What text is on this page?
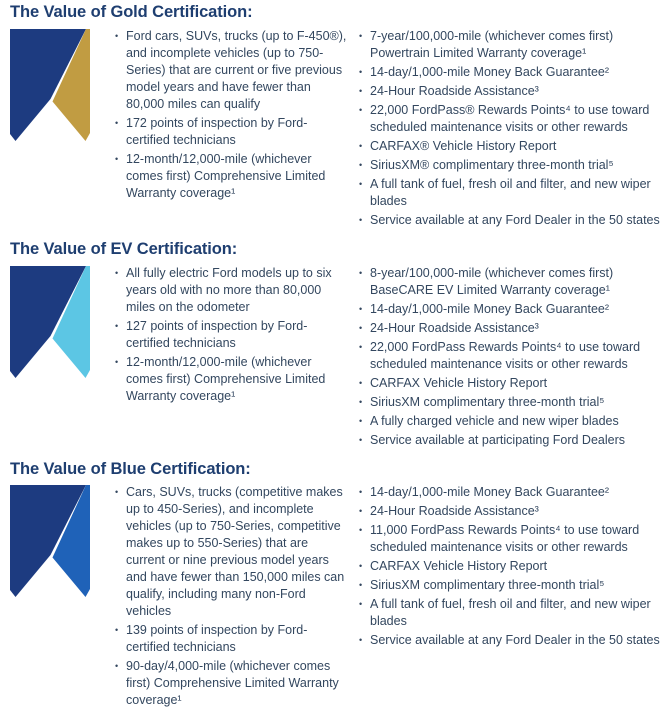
The Value of Gold Certification:
• Ford cars, SUVs, trucks (up to F-450®), and incomplete vehicles (up to 750-Series) that are current or five previous model years and have fewer than 80,000 miles can qualify
• 172 points of inspection by Ford-certified technicians
• 12-month/12,000-mile (whichever comes first) Comprehensive Limited Warranty coverage¹
• 7-year/100,000-mile (whichever comes first) Powertrain Limited Warranty coverage¹
• 14-day/1,000-mile Money Back Guarantee²
• 24-Hour Roadside Assistance³
• 22,000 FordPass® Rewards Points⁴ to use toward scheduled maintenance visits or other rewards
• CARFAX® Vehicle History Report
• SiriusXM® complimentary three-month trial⁵
• A full tank of fuel, fresh oil and filter, and new wiper blades
• Service available at any Ford Dealer in the 50 states
The Value of EV Certification:
• All fully electric Ford models up to six years old with no more than 80,000 miles on the odometer
• 127 points of inspection by Ford-certified technicians
• 12-month/12,000-mile (whichever comes first) Comprehensive Limited Warranty coverage¹
• 8-year/100,000-mile (whichever comes first) BaseCARE EV Limited Warranty coverage¹
• 14-day/1,000-mile Money Back Guarantee²
• 24-Hour Roadside Assistance³
• 22,000 FordPass Rewards Points⁴ to use toward scheduled maintenance visits or other rewards
• CARFAX Vehicle History Report
• SiriusXM complimentary three-month trial⁵
• A fully charged vehicle and new wiper blades
• Service available at participating Ford Dealers
The Value of Blue Certification:
• Cars, SUVs, trucks (competitive makes up to 450-Series), and incomplete vehicles (up to 750-Series, competitive makes up to 550-Series) that are current or nine previous model years and have fewer than 150,000 miles can qualify, including many non-Ford vehicles
• 139 points of inspection by Ford-certified technicians
• 90-day/4,000-mile (whichever comes first) Comprehensive Limited Warranty coverage¹
• 14-day/1,000-mile Money Back Guarantee²
• 24-Hour Roadside Assistance³
• 11,000 FordPass Rewards Points⁴ to use toward scheduled maintenance visits or other rewards
• CARFAX Vehicle History Report
• SiriusXM complimentary three-month trial⁵
• A full tank of fuel, fresh oil and filter, and new wiper blades
• Service available at any Ford Dealer in the 50 states
